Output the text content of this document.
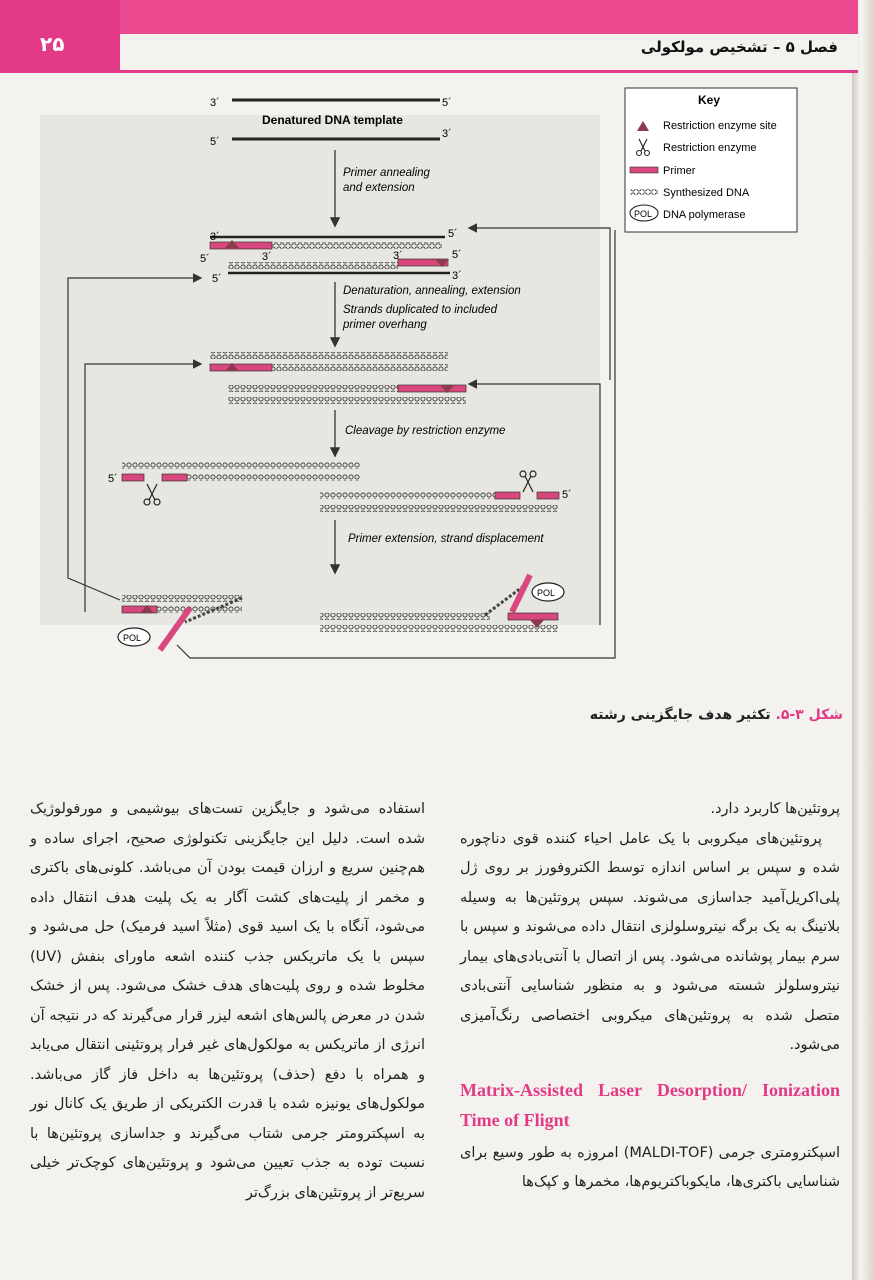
۲۵	فصل ۵ – تشخیص مولکولی
3´	5´
5´
3´
Denatured DNA template
Primer annealing
and extension
3´	5´
5´	3´	3´	5´
5´	3´
Denaturation, annealing, extension
Strands duplicated to included
primer overhang
Cleavage by restriction enzyme
5´
5´
Primer extension, strand displacement
POL
POL
Key
Restriction enzyme site
Restriction enzyme
Primer
Synthesized DNA
POL DNA polymerase
شکل ۳-۵. تکثیر هدف جایگزینی رشته

پروتئین‌ها کاربرد دارد.

پروتئین‌های میکروبی با یک عامل احیاء کننده قوی دناچوره شده و سپس بر اساس اندازه توسط الکتروفورز بر روی ژل پلی‌اکریل‌آمید جداسازی می‌شوند. سپس پروتئین‌ها به وسیله بلاتینگ به یک برگه نیتروسلولزی انتقال داده می‌شوند و سپس با سرم بیمار پوشانده می‌شود. پس از اتصال با آنتی‌بادی‌های بیمار نیتروسلولز شسته می‌شود و به منظور شناسایی آنتی‌بادی متصل شده به پروتئین‌های میکروبی اختصاصی رنگ‌آمیزی می‌شود.

Matrix-Assisted Laser Desorption/ Ionization Time of Flignt

اسپکترومتری جرمی (MALDI-TOF) امروزه به طور وسیع برای شناسایی باکتری‌ها، مایکوباکتریوم‌ها، مخمرها و کپک‌ها

استفاده می‌شود و جایگزین تست‌های بیوشیمی و مورفولوژیک شده است. دلیل این جایگزینی تکنولوژی صحیح، اجرای ساده و هم‌چنین سریع و ارزان قیمت بودن آن می‌باشد. کلونی‌های باکتری و مخمر از پلیت‌های کشت آگار به یک پلیت هدف انتقال داده می‌شود، آنگاه با یک اسید قوی (مثلاً اسید فرمیک) حل می‌شود و سپس با یک ماتریکس جذب کننده اشعه ماورای بنفش (UV) مخلوط شده و روی پلیت‌های هدف خشک می‌شود. پس از خشک شدن در معرض پالس‌های اشعه لیزر قرار می‌گیرند که در نتیجه آن انرژی از ماتریکس به مولکول‌های غیر فرار پروتئینی انتقال می‌یابد و همراه با دفع (حذف) پروتئین‌ها به داخل فاز گاز می‌باشد. مولکول‌های یونیزه شده با قدرت الکتریکی از طریق یک کانال نور به اسپکترومتر جرمی شتاب می‌گیرند و جداسازی پروتئین‌ها با نسبت توده به جذب تعیین می‌شود و پروتئین‌های کوچک‌تر خیلی سریع‌تر از پروتئین‌های بزرگ‌تر
